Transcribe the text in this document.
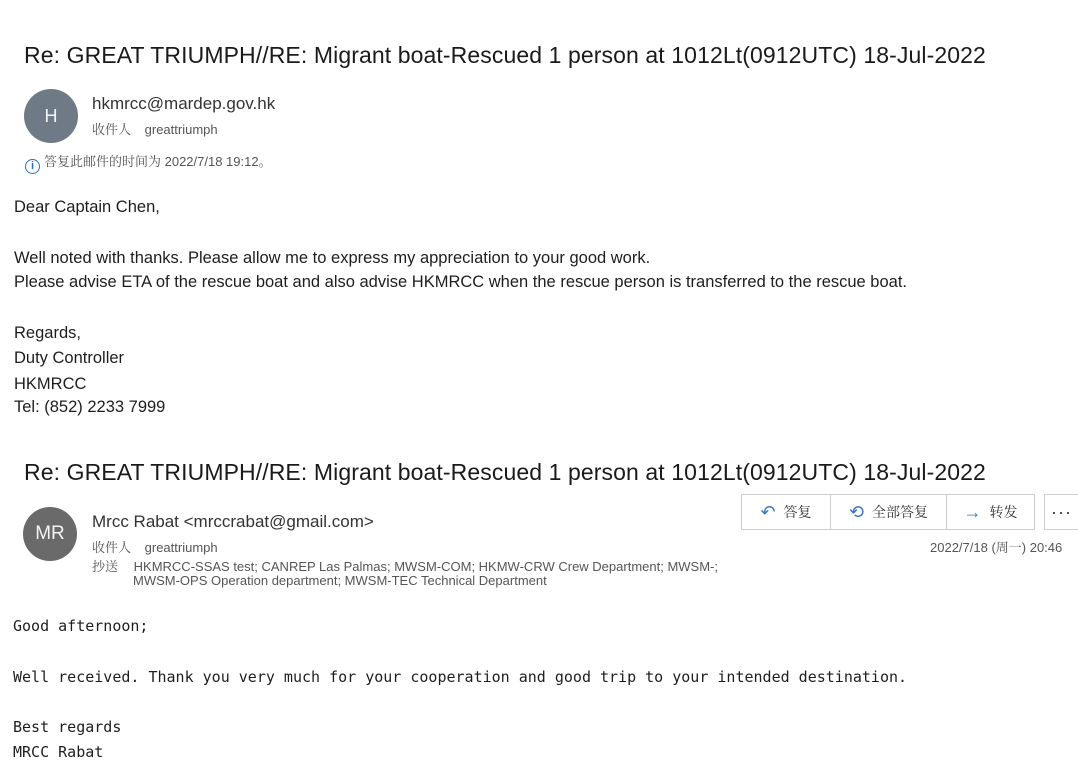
Re: GREAT TRIUMPH//RE: Migrant boat-Rescued 1 person at 1012Lt(0912UTC) 18-Jul-2022
H
hkmrcc@mardep.gov.hk
收件人 greattriumph
i 答复此邮件的时间为 2022/7/18 19:12。
Dear Captain Chen,
Well noted with thanks. Please allow me to express my appreciation to your good work.
Please advise ETA of the rescue boat and also advise HKMRCC when the rescue person is transferred to the rescue boat.
Regards,
Duty Controller
HKMRCC
Tel: (852) 2233 7999
Re: GREAT TRIUMPH//RE: Migrant boat-Rescued 1 person at 1012Lt(0912UTC) 18-Jul-2022
MR
Mrcc Rabat <mrccrabat@gmail.com>
收件人 greattriumph
抄送 HKMRCC-SSAS test; CANREP Las Palmas; MWSM-COM; HKMW-CRW Crew Department; MWSM-;
MWSM-OPS Operation department; MWSM-TEC Technical Department
↶ 答复 ⟲ 全部答复 → 转发 ···
2022/7/18 (周一) 20:46
Good afternoon;
Well received. Thank you very much for your cooperation and good trip to your intended destination.
Best regards
MRCC Rabat
